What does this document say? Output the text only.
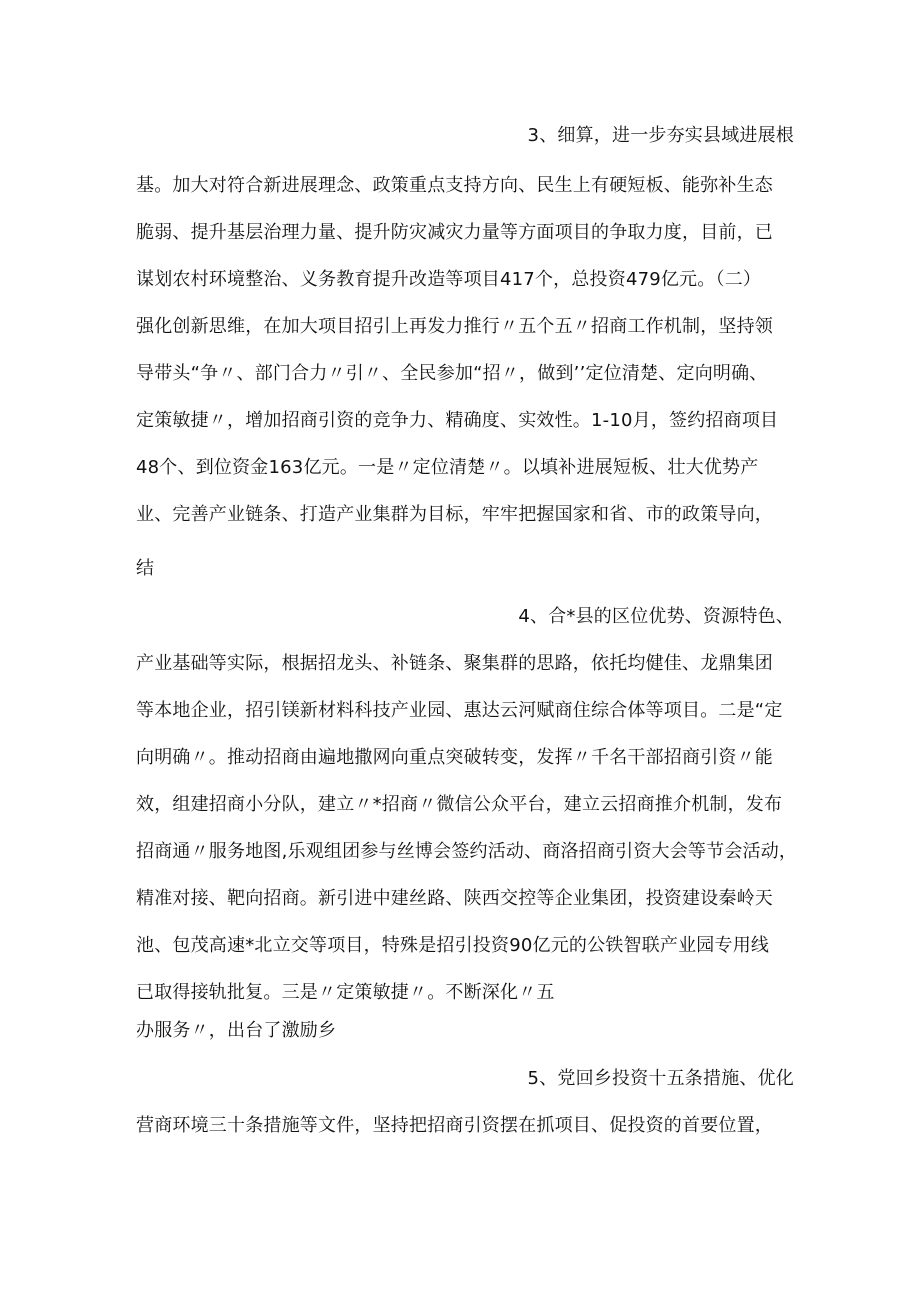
3、细算，进一步夯实县域进展根
基。加大对符合新进展理念、政策重点支持方向、民生上有硬短板、能弥补生态
脆弱、提升基层治理力量、提升防灾减灾力量等方面项目的争取力度，目前，已
谋划农村环境整治、义务教育提升改造等项目417个，总投资479亿元。（二）
强化创新思维，在加大项目招引上再发力推行〃五个五〃招商工作机制，坚持领
导带头“争〃、部门合力〃引〃、全民参加“招〃，做到’’定位清楚、定向明确、
定策敏捷〃，增加招商引资的竞争力、精确度、实效性。1-10月，签约招商项目
48个、到位资金163亿元。一是〃定位清楚〃。以填补进展短板、壮大优势产
业、完善产业链条、打造产业集群为目标，牢牢把握国家和省、市的政策导向，
结
4、合*县的区位优势、资源特色、
产业基础等实际，根据招龙头、补链条、聚集群的思路，依托均健佳、龙鼎集团
等本地企业，招引镁新材料科技产业园、惠达云河赋商住综合体等项目。二是“定
向明确〃。推动招商由遍地撒网向重点突破转变，发挥〃千名干部招商引资〃能
效，组建招商小分队，建立〃*招商〃微信公众平台，建立云招商推介机制，发布
招商通〃服务地图,乐观组团参与丝博会签约活动、商洛招商引资大会等节会活动，
精准对接、靶向招商。新引进中建丝路、陕西交控等企业集团，投资建设秦岭天
池、包茂高速*北立交等项目，特殊是招引投资90亿元的公铁智联产业园专用线
已取得接轨批复。三是〃定策敏捷〃。不断深化〃五
办服务〃，出台了激励乡
5、党回乡投资十五条措施、优化
营商环境三十条措施等文件，坚持把招商引资摆在抓项目、促投资的首要位置，
